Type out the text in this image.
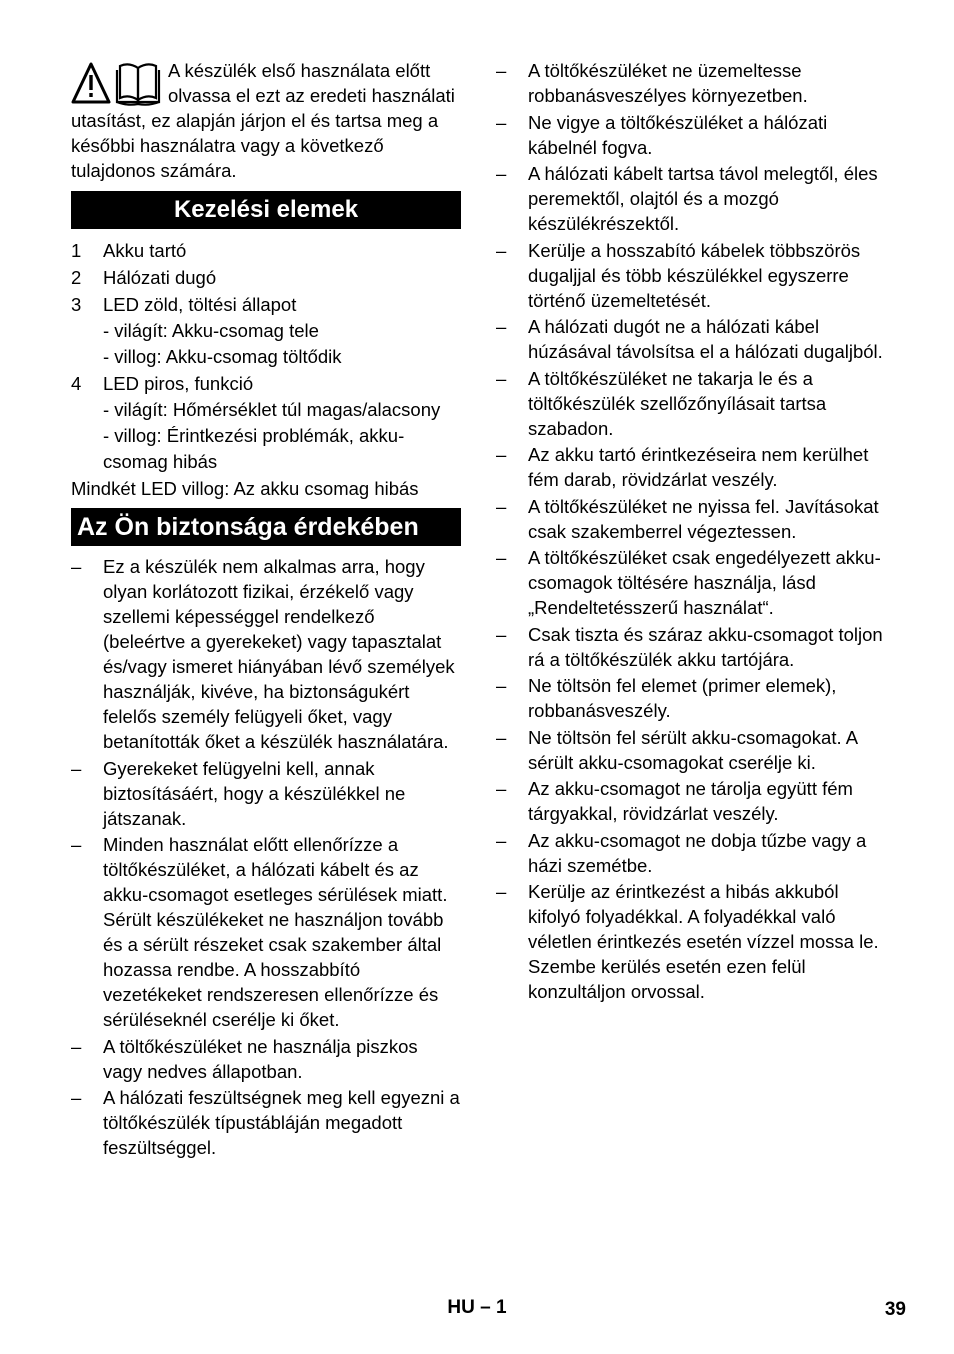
A készülék első használata előtt olvassa el ezt az eredeti használati utasítást, ez alapján járjon el és tartsa meg a későbbi használatra vagy a következő tulajdonos számára.
Kezelési elemek
1	Akku tartó
2	Hálózati dugó
3	LED zöld, töltési állapot
- világít: Akku-csomag tele
- villog: Akku-csomag töltődik
4	LED piros, funkció
- világít: Hőmérséklet túl magas/alacsony
- villog: Érintkezési problémák, akku-csomag hibás
Mindkét LED villog: Az akku csomag hibás
Az Ön biztonsága érdekében
–	Ez a készülék nem alkalmas arra, hogy olyan korlátozott fizikai, érzékelő vagy szellemi képességgel rendelkező (beleértve a gyerekeket) vagy tapasztalat és/vagy ismeret hiányában lévő személyek használják, kivéve, ha biztonságukért felelős személy felügyeli őket, vagy betanították őket a készülék használatára.
–	Gyerekeket felügyelni kell, annak biztosításáért, hogy a készülékkel ne játszanak.
–	Minden használat előtt ellenőrízze a töltőkészüléket, a hálózati kábelt és az akku-csomagot esetleges sérülések miatt. Sérült készülékeket ne használjon tovább és a sérült részeket csak szakember által hozassa rendbe. A hosszabbító vezetékeket rendszeresen ellenőrízze és sérüléseknél cserélje ki őket.
–	A töltőkészüléket ne használja piszkos vagy nedves állapotban.
–	A hálózati feszültségnek meg kell egyezni a töltőkészülék típustábláján megadott feszültséggel.
–	A töltőkészüléket ne üzemeltesse robbanásveszélyes környezetben.
–	Ne vigye a töltőkészüléket a hálózati kábelnél fogva.
–	A hálózati kábelt tartsa távol melegtől, éles peremektől, olajtól és a mozgó készülékrészektől.
–	Kerülje a hosszabító kábelek többszörös dugaljjal és több készülékkel egyszerre történő üzemeltetését.
–	A hálózati dugót ne a hálózati kábel húzásával távolsítsa el a hálózati dugaljból.
–	A töltőkészüléket ne takarja le és a töltőkészülék szellőzőnyílásait tartsa szabadon.
–	Az akku tartó érintkezéseira nem kerülhet fém darab, rövidzárlat veszély.
–	A töltőkészüléket ne nyissa fel. Javításokat csak szakemberrel végeztessen.
–	A töltőkészüléket csak engedélyezett akku-csomagok töltésére használja, lásd „Rendeltetésszerű használat“.
–	Csak tiszta és száraz akku-csomagot toljon rá a töltőkészülék akku tartójára.
–	Ne töltsön fel elemet (primer elemek), robbanásveszély.
–	Ne töltsön fel sérült akku-csomagokat. A sérült akku-csomagokat cserélje ki.
–	Az akku-csomagot ne tárolja együtt fém tárgyakkal, rövidzárlat veszély.
–	Az akku-csomagot ne dobja tűzbe vagy a házi szemétbe.
–	Kerülje az érintkezést a hibás akkuból kifolyó folyadékkal. A folyadékkal való véletlen érintkezés esetén vízzel mossa le. Szembe kerülés esetén ezen felül konzultáljon orvossal.
HU – 1	39
